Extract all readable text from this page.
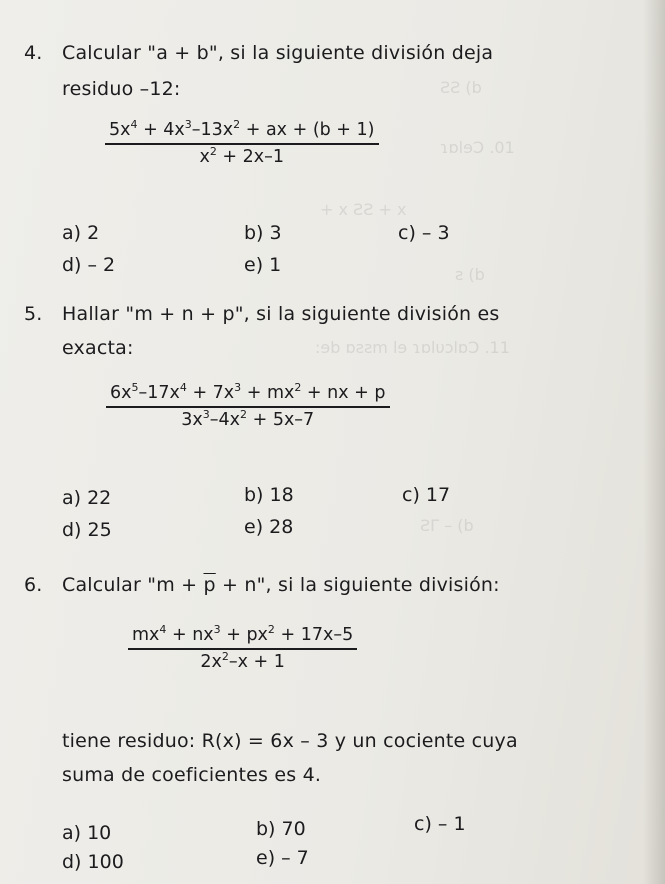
ƧƧ (b
ɿɒlɘϽ .01
+ x ƧƧ + x
ƨ (b
:ɘb ɒƨƨm lɘ ɿɒlυɔlɒϽ .11
ƧΓ – (b
4. Calcular "a + b", si la siguiente división deja
residuo –12:
$\frac{5x^4 + 4x^3-13x^2 + ax + (b + 1)}{x^2 + 2x-1}$
a) 2	b) 3	c) – 3
d) – 2	e) 1
5. Hallar "m + n + p", si la siguiente división es
exacta:
$\frac{6x^5-17x^4 + 7x^3 + mx^2 + nx + p}{3x^3-4x^2 + 5x-7}$
a) 22	b) 18	c) 17
d) 25	e) 28
6. Calcular "$m + \overline{p} + n$", si la siguiente división:
$\frac{mx^4 + nx^3 + px^2 + 17x-5}{2x^2-x + 1}$
tiene residuo: R(x) = 6x – 3 y un cociente cuya
suma de coeficientes es 4.
a) 10	b) 70	c) – 1
d) 100	e) – 7
